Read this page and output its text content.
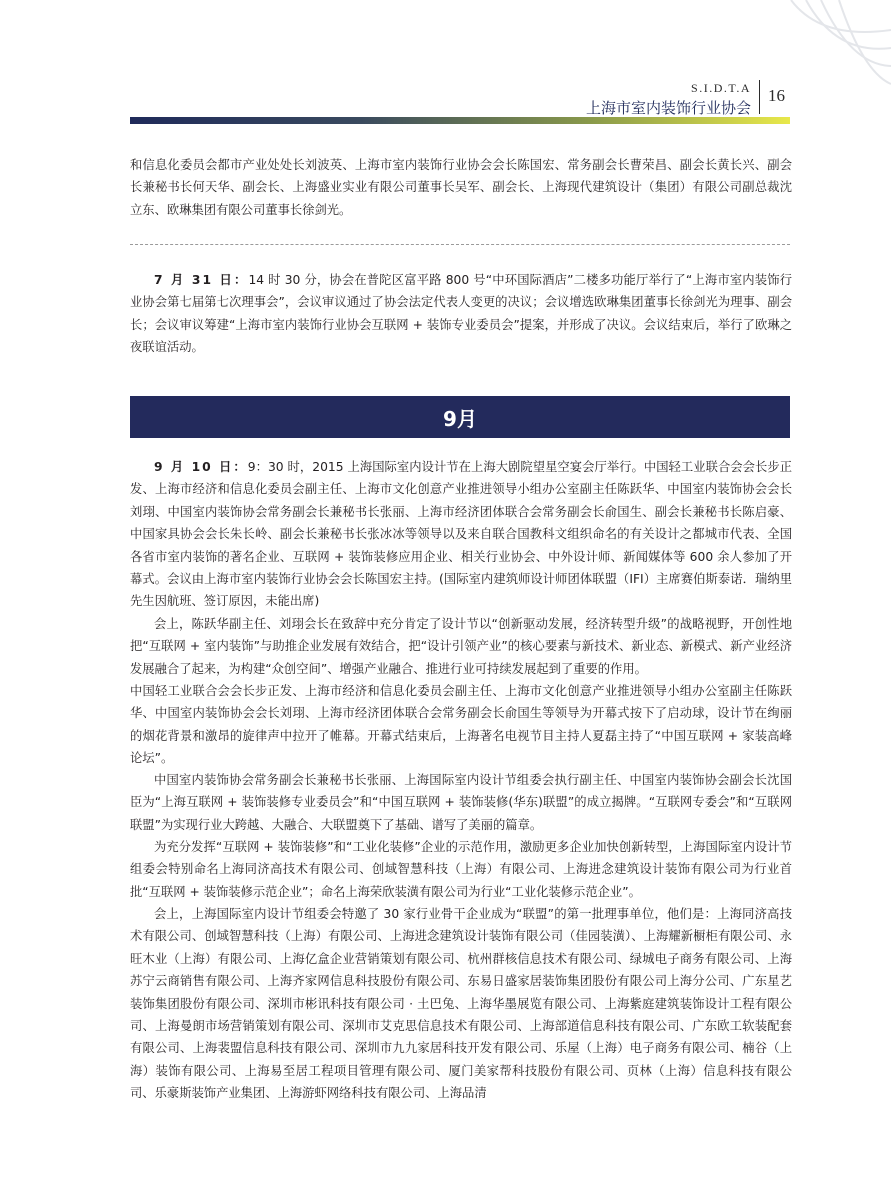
S.I.D.T.A
上海市室内装饰行业协会
16

和信息化委员会都市产业处处长刘波英、上海市室内装饰行业协会会长陈国宏、常务副会长曹荣昌、副会长黄长兴、副会长兼秘书长何天华、副会长、上海盛业实业有限公司董事长吴军、副会长、上海现代建筑设计（集团）有限公司副总裁沈立东、欧琳集团有限公司董事长徐剑光。

7 月 31 日：14 时 30 分，协会在普陀区富平路 800 号“中环国际酒店”二楼多功能厅举行了“上海市室内装饰行业协会第七届第七次理事会”，会议审议通过了协会法定代表人变更的决议；会议增选欧琳集团董事长徐剑光为理事、副会长；会议审议筹建“上海市室内装饰行业协会互联网 + 装饰专业委员会”提案，并形成了决议。会议结束后，举行了欧琳之夜联谊活动。

9月

9 月 10 日：9：30 时，2015 上海国际室内设计节在上海大剧院望星空宴会厅举行。中国轻工业联合会会长步正发、上海市经济和信息化委员会副主任、上海市文化创意产业推进领导小组办公室副主任陈跃华、中国室内装饰协会会长刘珝、中国室内装饰协会常务副会长兼秘书长张丽、上海市经济团体联合会常务副会长俞国生、副会长兼秘书长陈启豪、中国家具协会会长朱长岭、副会长兼秘书长张冰冰等领导以及来自联合国教科文组织命名的有关设计之都城市代表、全国各省市室内装饰的著名企业、互联网 + 装饰装修应用企业、相关行业协会、中外设计师、新闻媒体等 600 余人参加了开幕式。会议由上海市室内装饰行业协会会长陈国宏主持。(国际室内建筑师设计师团体联盟（IFI）主席赛伯斯泰诺．瑞纳里先生因航班、签订原因，未能出席)

会上，陈跃华副主任、刘珝会长在致辞中充分肯定了设计节以“创新驱动发展，经济转型升级”的战略视野，开创性地把“互联网 + 室内装饰”与助推企业发展有效结合，把“设计引领产业”的核心要素与新技术、新业态、新模式、新产业经济发展融合了起来，为构建“众创空间”、增强产业融合、推进行业可持续发展起到了重要的作用。

中国轻工业联合会会长步正发、上海市经济和信息化委员会副主任、上海市文化创意产业推进领导小组办公室副主任陈跃华、中国室内装饰协会会长刘珝、上海市经济团体联合会常务副会长俞国生等领导为开幕式按下了启动球，设计节在绚丽的烟花背景和激昂的旋律声中拉开了帷幕。开幕式结束后，上海著名电视节目主持人夏磊主持了“中国互联网 + 家装高峰论坛”。

中国室内装饰协会常务副会长兼秘书长张丽、上海国际室内设计节组委会执行副主任、中国室内装饰协会副会长沈国臣为“上海互联网 + 装饰装修专业委员会”和“中国互联网 + 装饰装修(华东)联盟”的成立揭牌。“互联网专委会”和“互联网联盟”为实现行业大跨越、大融合、大联盟奠下了基础、谱写了美丽的篇章。

为充分发挥“互联网 + 装饰装修”和“工业化装修”企业的示范作用，激励更多企业加快创新转型，上海国际室内设计节组委会特别命名上海同济高技术有限公司、创域智慧科技（上海）有限公司、上海进念建筑设计装饰有限公司为行业首批“互联网 + 装饰装修示范企业”；命名上海荣欣装潢有限公司为行业“工业化装修示范企业”。

会上，上海国际室内设计节组委会特邀了 30 家行业骨干企业成为“联盟”的第一批理事单位，他们是：上海同济高技术有限公司、创域智慧科技（上海）有限公司、上海进念建筑设计装饰有限公司（佳园装潢）、上海耀新橱柜有限公司、永旺木业（上海）有限公司、上海亿盒企业营销策划有限公司、杭州群核信息技术有限公司、绿城电子商务有限公司、上海苏宁云商销售有限公司、上海齐家网信息科技股份有限公司、东易日盛家居装饰集团股份有限公司上海分公司、广东星艺装饰集团股份有限公司、深圳市彬讯科技有限公司 · 土巴兔、上海华墨展览有限公司、上海紫庭建筑装饰设计工程有限公司、上海曼朗市场营销策划有限公司、深圳市艾克思信息技术有限公司、上海部道信息科技有限公司、广东欧工软装配套有限公司、上海裴盟信息科技有限公司、深圳市九九家居科技开发有限公司、乐屋（上海）电子商务有限公司、楠谷（上海）装饰有限公司、上海易至居工程项目管理有限公司、厦门美家帮科技股份有限公司、页林（上海）信息科技有限公司、乐豪斯装饰产业集团、上海游虾网络科技有限公司、上海品清
